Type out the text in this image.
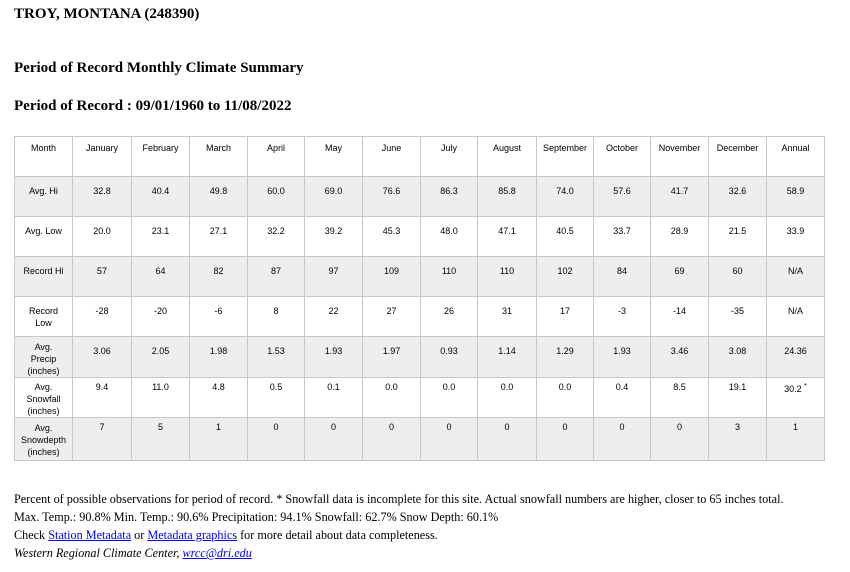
TROY, MONTANA (248390)
Period of Record Monthly Climate Summary
Period of Record : 09/01/1960 to 11/08/2022
Month	January	February	March	April	May	June	July	August	September	October	November	December	Annual
Avg. Hi	32.8	40.4	49.8	60.0	69.0	76.6	86.3	85.8	74.0	57.6	41.7	32.6	58.9
Avg. Low	20.0	23.1	27.1	32.2	39.2	45.3	48.0	47.1	40.5	33.7	28.9	21.5	33.9
Record Hi	57	64	82	87	97	109	110	110	102	84	69	60	N/A
Record Low	-28	-20	-6	8	22	27	26	31	17	-3	-14	-35	N/A
Avg. Precip (inches)	3.06	2.05	1.98	1.53	1.93	1.97	0.93	1.14	1.29	1.93	3.46	3.08	24.36
Avg. Snowfall (inches)	9.4	11.0	4.8	0.5	0.1	0.0	0.0	0.0	0.0	0.4	8.5	19.1	30.2 *
Avg. Snowdepth (inches)	7	5	1	0	0	0	0	0	0	0	0	3	1
Percent of possible observations for period of record. * Snowfall data is incomplete for this site. Actual snowfall numbers are higher, closer to 65 inches total.
Max. Temp.: 90.8% Min. Temp.: 90.6% Precipitation: 94.1% Snowfall: 62.7% Snow Depth: 60.1%
Check Station Metadata or Metadata graphics for more detail about data completeness.
Western Regional Climate Center, wrcc@dri.edu
